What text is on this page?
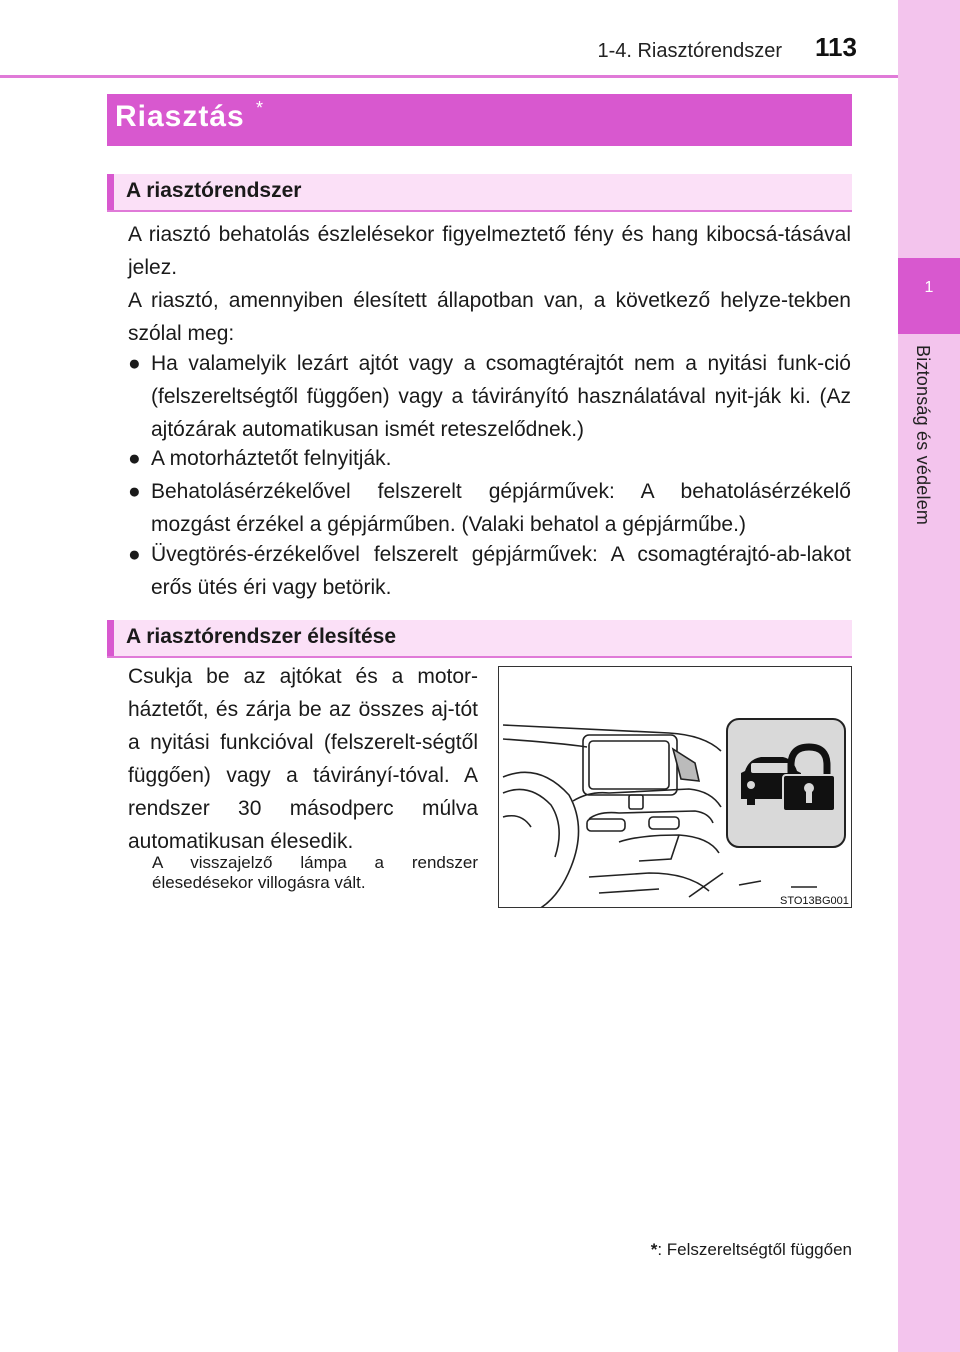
1
Biztonság és védelem
1-4. Riasztórendszer 113
Riasztás *
A riasztórendszer
A riasztó behatolás észlelésekor figyelmeztető fény és hang kibocsá-tásával jelez.
A riasztó, amennyiben élesített állapotban van, a következő helyze-tekben szólal meg:
● Ha valamelyik lezárt ajtót vagy a csomagtérajtót nem a nyitási funk-ció (felszereltségtől függően) vagy a távirányító használatával nyit-ják ki. (Az ajtózárak automatikusan ismét reteszelődnek.)
● A motorháztetőt felnyitják.
● Behatolásérzékelővel felszerelt gépjárművek: A behatolásérzékelő mozgást érzékel a gépjárműben. (Valaki behatol a gépjárműbe.)
● Üvegtörés-érzékelővel felszerelt gépjárművek: A csomagtérajtó-ab-lakot erős ütés éri vagy betörik.
A riasztórendszer élesítése
Csukja be az ajtókat és a motor-háztetőt, és zárja be az összes aj-tót a nyitási funkcióval (felszerelt-ségtől függően) vagy a távirányí-tóval. A rendszer 30 másodperc múlva automatikusan élesedik.
A visszajelző lámpa a rendszer élesedésekor villogásra vált.
STO13BG001
*: Felszereltségtől függően
